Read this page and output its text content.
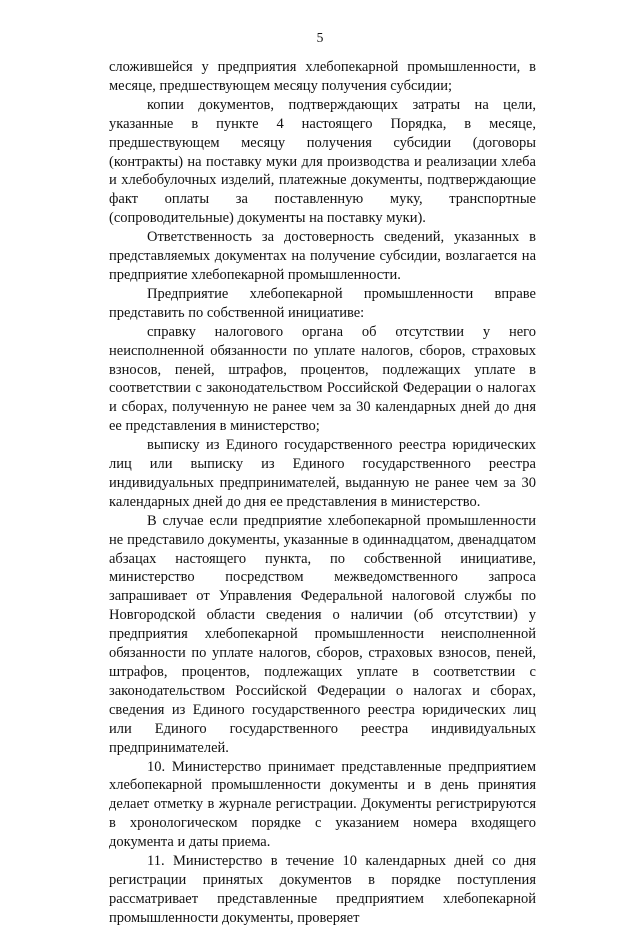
5

сложившейся у предприятия хлебопекарной промышленности, в месяце, предшествующем месяцу получения субсидии;

копии документов, подтверждающих затраты на цели, указанные в пункте 4 настоящего Порядка, в месяце, предшествующем месяцу получения субсидии (договоры (контракты) на поставку муки для производства и реализации хлеба и хлебобулочных изделий, платежные документы, подтверждающие факт оплаты за поставленную муку, транспортные (сопроводительные) документы на поставку муки).

Ответственность за достоверность сведений, указанных в представляемых документах на получение субсидии, возлагается на предприятие хлебопекарной промышленности.

Предприятие хлебопекарной промышленности вправе представить по собственной инициативе:

справку налогового органа об отсутствии у него неисполненной обязанности по уплате налогов, сборов, страховых взносов, пеней, штрафов, процентов, подлежащих уплате в соответствии с законодательством Российской Федерации о налогах и сборах, полученную не ранее чем за 30 календарных дней до дня ее представления в министерство;

выписку из Единого государственного реестра юридических лиц или выписку из Единого государственного реестра индивидуальных предпринимателей, выданную не ранее чем за 30 календарных дней до дня ее представления в министерство.

В случае если предприятие хлебопекарной промышленности не представило документы, указанные в одиннадцатом, двенадцатом абзацах настоящего пункта, по собственной инициативе, министерство посредством межведомственного запроса запрашивает от Управления Федеральной налоговой службы по Новгородской области сведения о наличии (об отсутствии) у предприятия хлебопекарной промышленности неисполненной обязанности по уплате налогов, сборов, страховых взносов, пеней, штрафов, процентов, подлежащих уплате в соответствии с законодательством Российской Федерации о налогах и сборах, сведения из Единого государственного реестра юридических лиц или Единого государственного реестра индивидуальных предпринимателей.

10. Министерство принимает представленные предприятием хлебопекарной промышленности документы и в день принятия делает отметку в журнале регистрации. Документы регистрируются в хронологическом порядке с указанием номера входящего документа и даты приема.

11. Министерство в течение 10 календарных дней со дня регистрации принятых документов в порядке поступления рассматривает представленные предприятием хлебопекарной промышленности документы, проверяет
